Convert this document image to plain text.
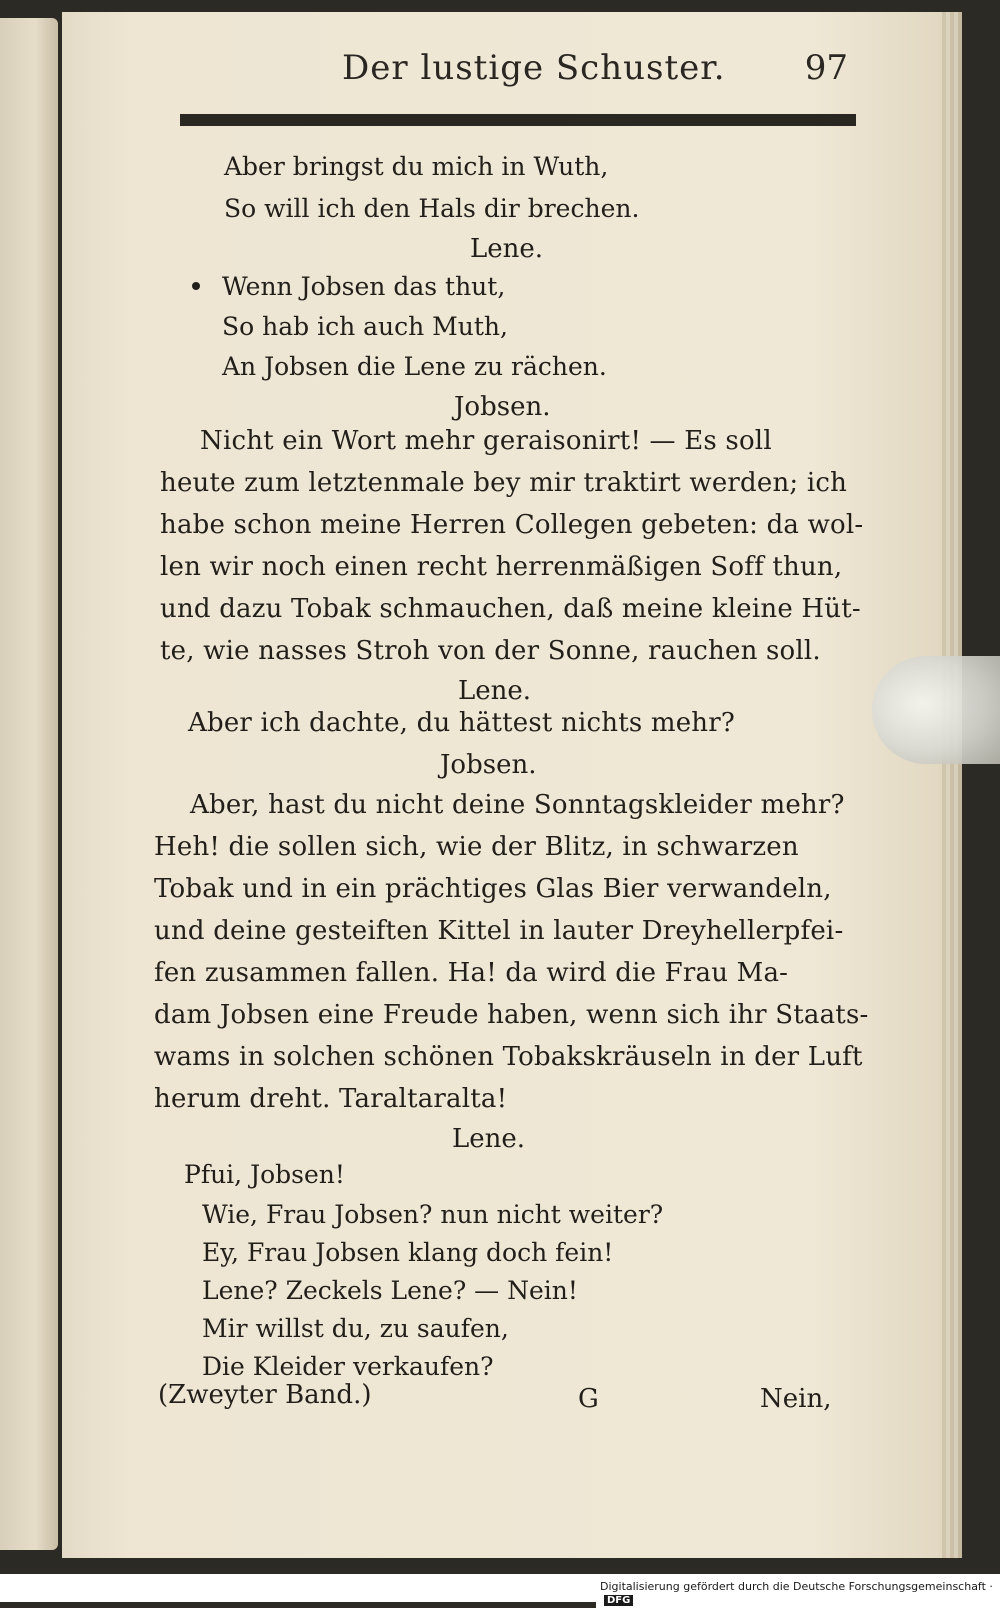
Der lustige Schuster. 97
Aber bringst du mich in Wuth,
So will ich den Hals dir brechen.
Lene.
Wenn Jobsen das thut,
So hab ich auch Muth,
An Jobsen die Lene zu rächen.
Jobsen.
Nicht ein Wort mehr geraisonirt! — Es soll
heute zum letztenmale bey mir traktirt werden; ich
habe schon meine Herren Collegen gebeten: da wol-
len wir noch einen recht herrenmäßigen Soff thun,
und dazu Tobak schmauchen, daß meine kleine Hüt-
te, wie nasses Stroh von der Sonne, rauchen soll.
Lene.
Aber ich dachte, du hättest nichts mehr?
Jobsen.
Aber, hast du nicht deine Sonntagskleider mehr?
Heh! die sollen sich, wie der Blitz, in schwarzen
Tobak und in ein prächtiges Glas Bier verwandeln,
und deine gesteiften Kittel in lauter Dreyhellerpfei-
fen zusammen fallen. Ha! da wird die Frau Ma-
dam Jobsen eine Freude haben, wenn sich ihr Staats-
wams in solchen schönen Tobakskräuseln in der Luft
herum dreht. Taraltaralta!
Lene.
Pfui, Jobsen!
Wie, Frau Jobsen? nun nicht weiter?
Ey, Frau Jobsen klang doch fein!
Lene? Zeckels Lene? — Nein!
Mir willst du, zu saufen,
Die Kleider verkaufen?
(Zweyter Band.)	G	Nein,
Digitalisierung gefördert durch die Deutsche Forschungsgemeinschaft ·DFG
